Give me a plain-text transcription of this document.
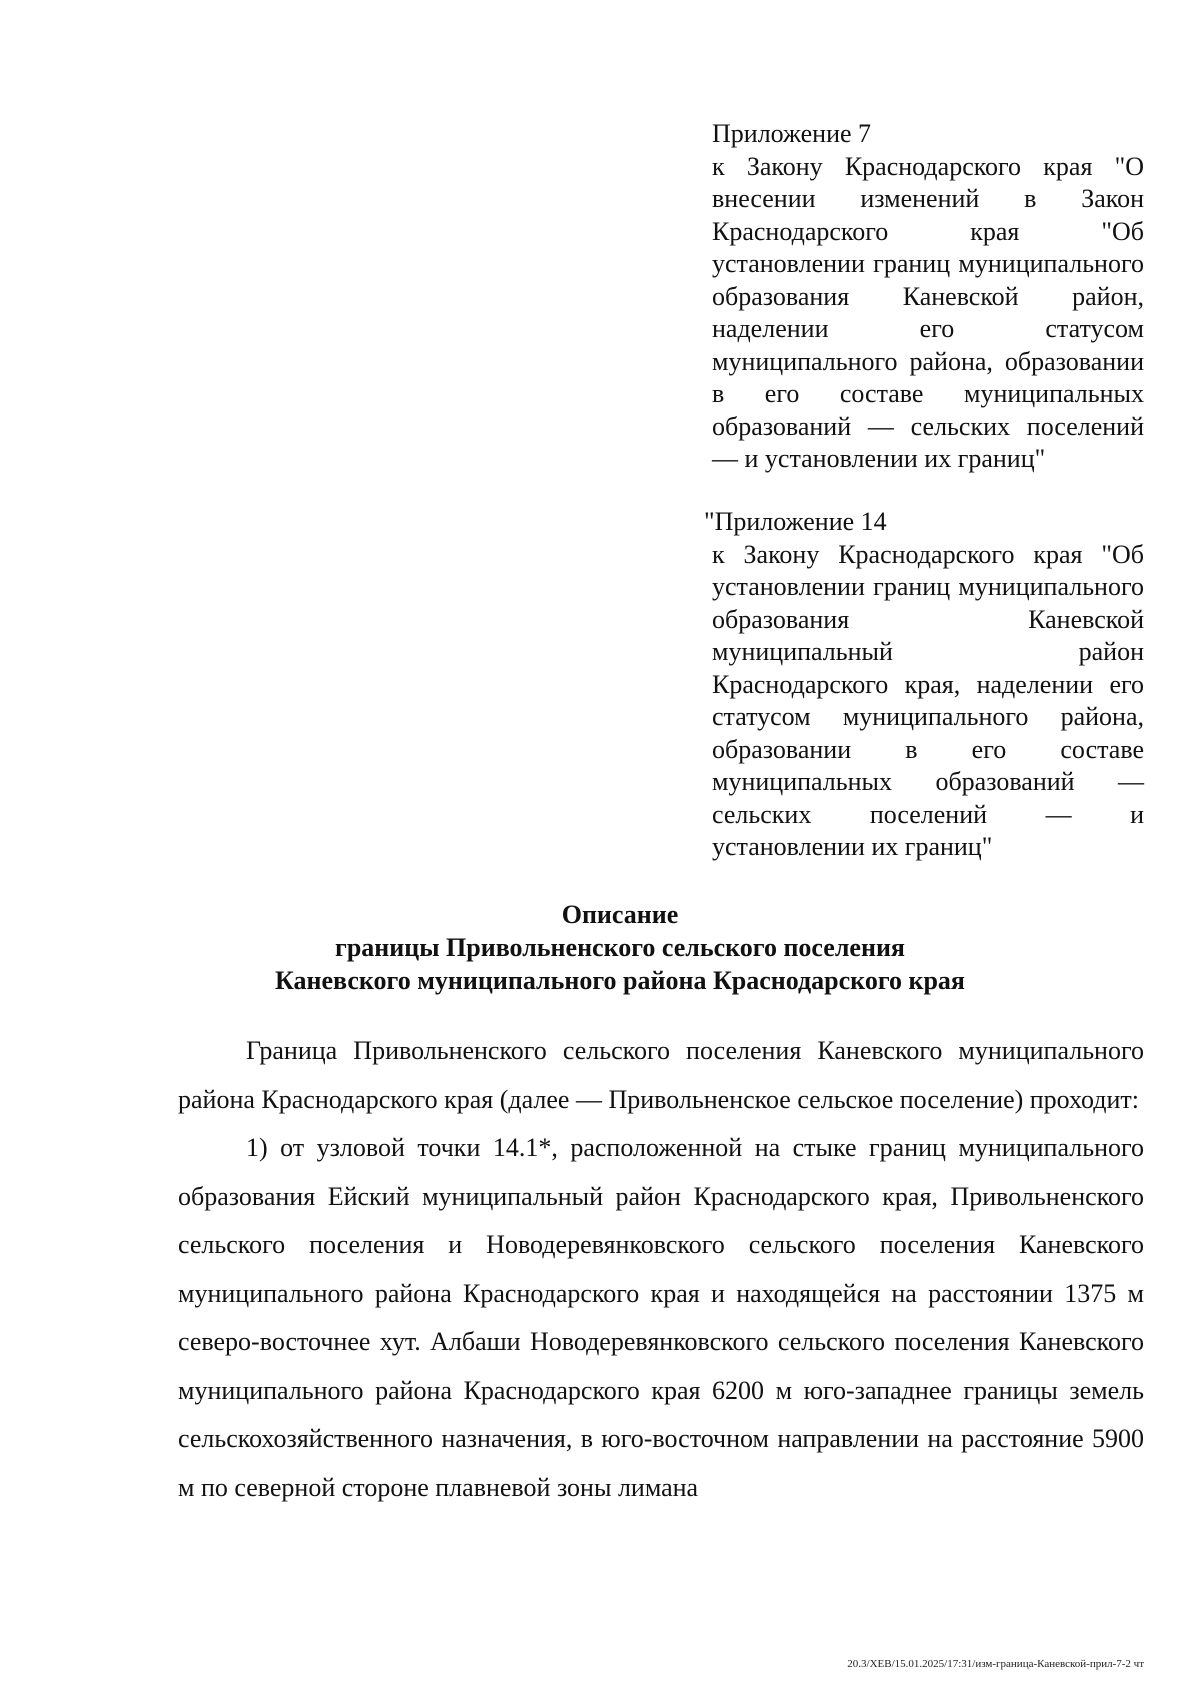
Приложение 7
к Закону Краснодарского края "О внесении изменений в Закон Краснодарского края "Об установлении границ муниципального образования Каневской район, наделении его статусом муниципального района, образовании в его составе муниципальных образований — сельских поселений — и установлении их границ"
"Приложение 14
к Закону Краснодарского края "Об установлении границ муниципального образования Каневской муниципальный район Краснодарского края, наделении его статусом муниципального района, образовании в его составе муниципальных образований — сельских поселений — и установлении их границ"
Описание
границы Привольненского сельского поселения
Каневского муниципального района Краснодарского края

Граница Привольненского сельского поселения Каневского муниципального района Краснодарского края (далее — Привольненское сельское поселение) проходит:

1) от узловой точки 14.1*, расположенной на стыке границ муниципального образования Ейский муниципальный район Краснодарского края, Привольненского сельского поселения и Новодеревянковского сельского поселения Каневского муниципального района Краснодарского края и находящейся на расстоянии 1375 м северо-восточнее хут. Албаши Новодеревянковского сельского поселения Каневского муниципального района Краснодарского края 6200 м юго-западнее границы земель сельскохозяйственного назначения, в юго-восточном направлении на расстояние 5900 м по северной стороне плавневой зоны лимана

20.3/ХЕВ/15.01.2025/17:31/изм-граница-Каневской-прил-7-2 чт
